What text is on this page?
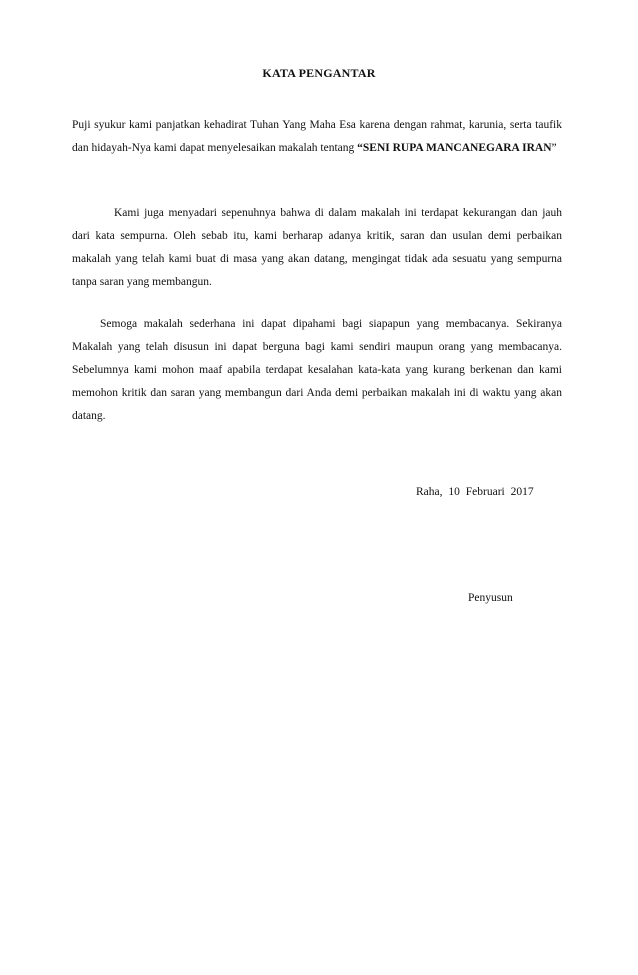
KATA PENGANTAR

Puji syukur kami panjatkan kehadirat Tuhan Yang Maha Esa karena dengan rahmat, karunia, serta taufik dan hidayah-Nya kami dapat menyelesaikan makalah tentang “SENI RUPA MANCANEGARA IRAN”

Kami juga menyadari sepenuhnya bahwa di dalam makalah ini terdapat kekurangan dan jauh dari kata sempurna. Oleh sebab itu, kami berharap adanya kritik, saran dan usulan demi perbaikan makalah yang telah kami buat di masa yang akan datang, mengingat tidak ada sesuatu yang sempurna tanpa saran yang membangun.

Semoga makalah sederhana ini dapat dipahami bagi siapapun yang membacanya. Sekiranya Makalah yang telah disusun ini dapat berguna bagi kami sendiri maupun orang yang membacanya. Sebelumnya kami mohon maaf apabila terdapat kesalahan kata-kata yang kurang berkenan dan kami memohon kritik dan saran yang membangun dari Anda demi perbaikan makalah ini di waktu yang akan datang.

Raha, 10 Februari 2017

Penyusun
